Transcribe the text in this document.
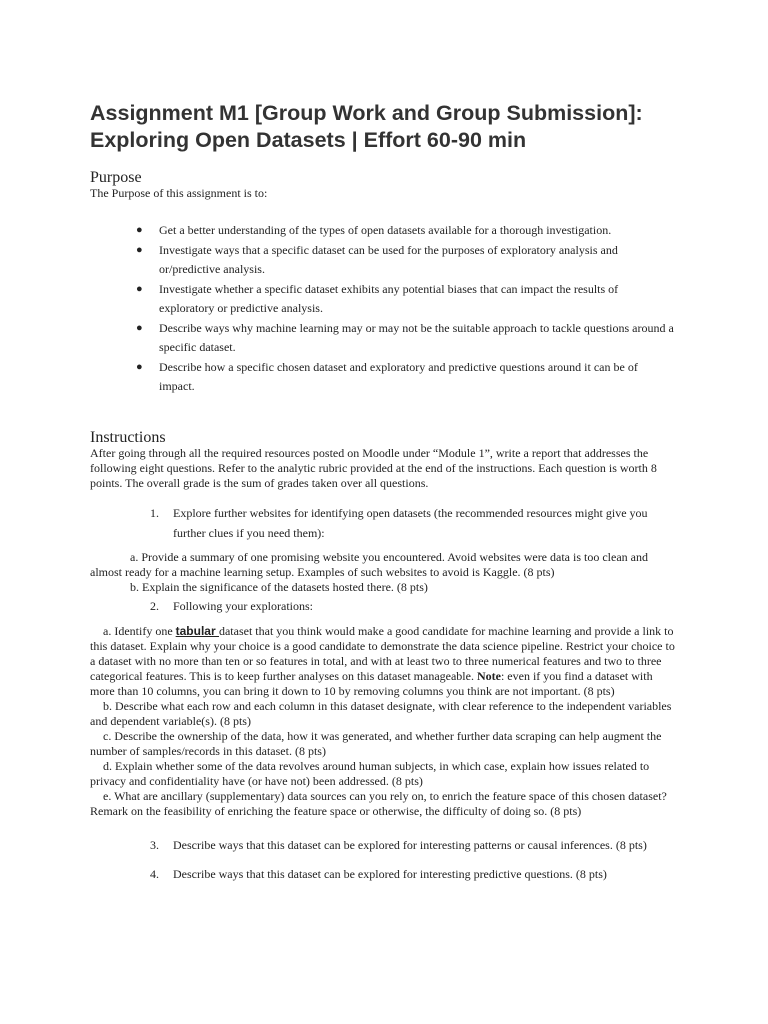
Assignment M1 [Group Work and Group Submission]: Exploring Open Datasets | Effort 60-90 min
Purpose

The Purpose of this assignment is to:

● Get a better understanding of the types of open datasets available for a thorough investigation.
● Investigate ways that a specific dataset can be used for the purposes of exploratory analysis and or/predictive analysis.
● Investigate whether a specific dataset exhibits any potential biases that can impact the results of exploratory or predictive analysis.
● Describe ways why machine learning may or may not be the suitable approach to tackle questions around a specific dataset.
● Describe how a specific chosen dataset and exploratory and predictive questions around it can be of impact.
Instructions

After going through all the required resources posted on Moodle under “Module 1”, write a report that addresses the following eight questions. Refer to the analytic rubric provided at the end of the instructions. Each question is worth 8 points. The overall grade is the sum of grades taken over all questions.

1.	Explore further websites for identifying open datasets (the recommended resources might give you further clues if you need them):
a. Provide a summary of one promising website you encountered. Avoid websites were data is too clean and almost ready for a machine learning setup. Examples of such websites to avoid is Kaggle. (8 pts)
b. Explain the significance of the datasets hosted there. (8 pts)
2.	Following your explorations:
a. Identify one tabular dataset that you think would make a good candidate for machine learning and provide a link to this dataset. Explain why your choice is a good candidate to demonstrate the data science pipeline. Restrict your choice to a dataset with no more than ten or so features in total, and with at least two to three numerical features and two to three categorical features. This is to keep further analyses on this dataset manageable. Note: even if you find a dataset with more than 10 columns, you can bring it down to 10 by removing columns you think are not important. (8 pts)
b. Describe what each row and each column in this dataset designate, with clear reference to the independent variables and dependent variable(s). (8 pts)
c. Describe the ownership of the data, how it was generated, and whether further data scraping can help augment the number of samples/records in this dataset. (8 pts)
d. Explain whether some of the data revolves around human subjects, in which case, explain how issues related to privacy and confidentiality have (or have not) been addressed. (8 pts)
e. What are ancillary (supplementary) data sources can you rely on, to enrich the feature space of this chosen dataset? Remark on the feasibility of enriching the feature space or otherwise, the difficulty of doing so. (8 pts)
3.	Describe ways that this dataset can be explored for interesting patterns or causal inferences. (8 pts)
4.	Describe ways that this dataset can be explored for interesting predictive questions. (8 pts)
